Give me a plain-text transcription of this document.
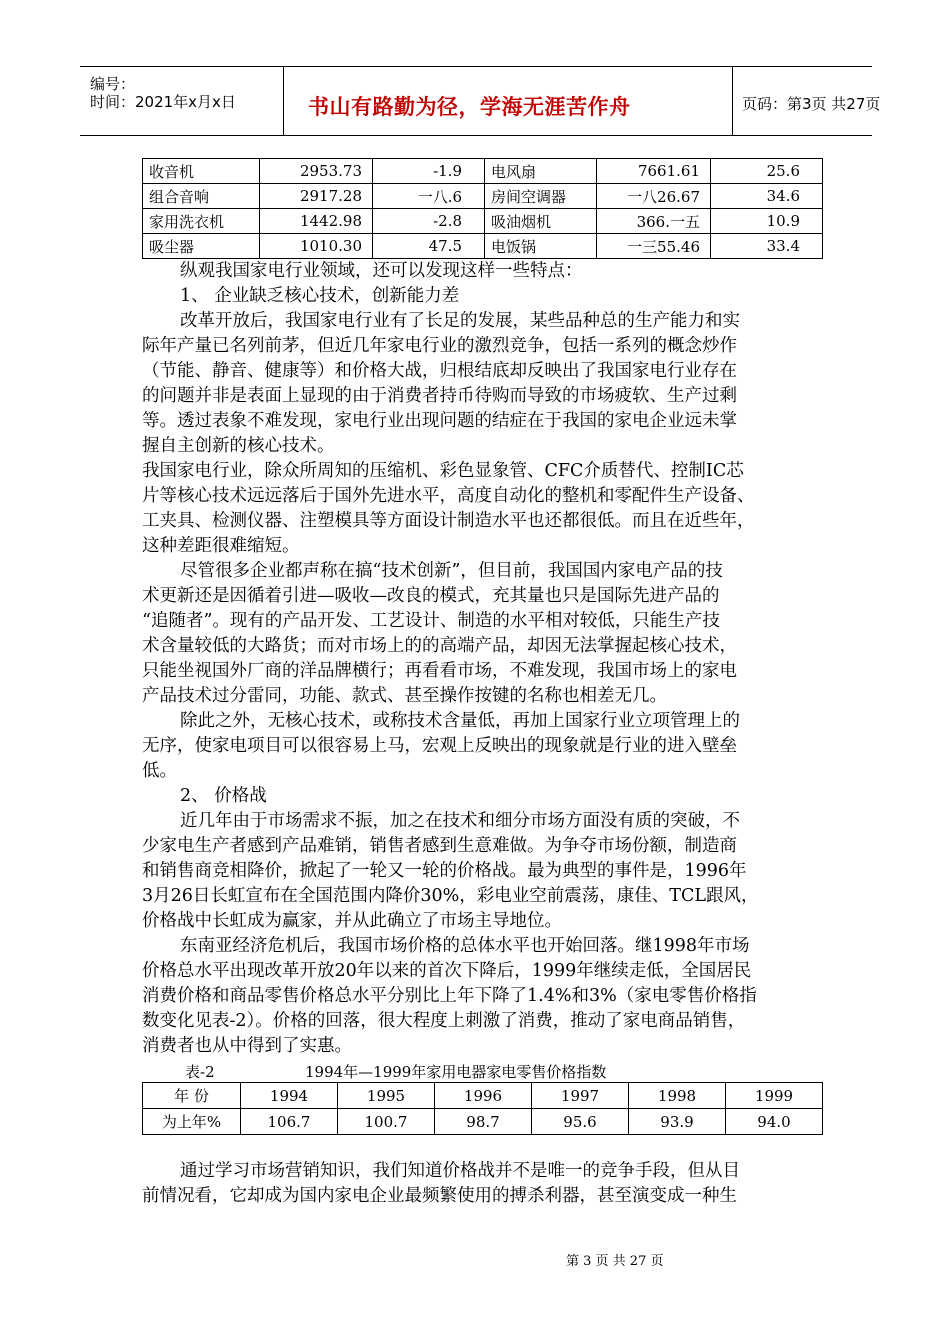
编号：
时间：2021年x月x日	书山有路勤为径，学海无涯苦作舟	页码：第3页 共27页
收音机	2953.73	-1.9	电风扇	7661.61	25.6
组合音响	2917.28	一八.6	房间空调器	一八26.67	34.6
家用洗衣机	1442.98	-2.8	吸油烟机	366.一五	10.9
吸尘器	1010.30	47.5	电饭锅	一三55.46	33.4
纵观我国家电行业领域，还可以发现这样一些特点：
1、 企业缺乏核心技术，创新能力差
改革开放后，我国家电行业有了长足的发展，某些品种总的生产能力和实
际年产量已名列前茅，但近几年家电行业的激烈竞争，包括一系列的概念炒作
（节能、静音、健康等）和价格大战，归根结底却反映出了我国家电行业存在
的问题并非是表面上显现的由于消费者持币待购而导致的市场疲软、生产过剩
等。透过表象不难发现，家电行业出现问题的结症在于我国的家电企业远未掌
握自主创新的核心技术。
我国家电行业，除众所周知的压缩机、彩色显象管、CFC介质替代、控制IC芯
片等核心技术远远落后于国外先进水平，高度自动化的整机和零配件生产设备、
工夹具、检测仪器、注塑模具等方面设计制造水平也还都很低。而且在近些年，
这种差距很难缩短。
尽管很多企业都声称在搞“技术创新”，但目前，我国国内家电产品的技
术更新还是因循着引进—吸收—改良的模式，充其量也只是国际先进产品的
“追随者”。现有的产品开发、工艺设计、制造的水平相对较低，只能生产技
术含量较低的大路货；而对市场上的的高端产品，却因无法掌握起核心技术，
只能坐视国外厂商的洋品牌横行；再看看市场，不难发现，我国市场上的家电
产品技术过分雷同，功能、款式、甚至操作按键的名称也相差无几。
除此之外，无核心技术，或称技术含量低，再加上国家行业立项管理上的
无序，使家电项目可以很容易上马，宏观上反映出的现象就是行业的进入壁垒
低。
2、 价格战
近几年由于市场需求不振，加之在技术和细分市场方面没有质的突破，不
少家电生产者感到产品难销，销售者感到生意难做。为争夺市场份额，制造商
和销售商竞相降价，掀起了一轮又一轮的价格战。最为典型的事件是，1996年
3月26日长虹宣布在全国范围内降价30%，彩电业空前震荡，康佳、TCL跟风，
价格战中长虹成为赢家，并从此确立了市场主导地位。
东南亚经济危机后，我国市场价格的总体水平也开始回落。继1998年市场
价格总水平出现改革开放20年以来的首次下降后，1999年继续走低，全国居民
消费价格和商品零售价格总水平分别比上年下降了1.4%和3%（家电零售价格指
数变化见表-2）。价格的回落，很大程度上刺激了消费，推动了家电商品销售，
消费者也从中得到了实惠。
表-2	1994年—1999年家用电器家电零售价格指数
年 份	1994	1995	1996	1997	1998	1999
为上年%	106.7	100.7	98.7	95.6	93.9	94.0
通过学习市场营销知识，我们知道价格战并不是唯一的竞争手段，但从目
前情况看，它却成为国内家电企业最频繁使用的搏杀利器，甚至演变成一种生
第 3 页 共 27 页
